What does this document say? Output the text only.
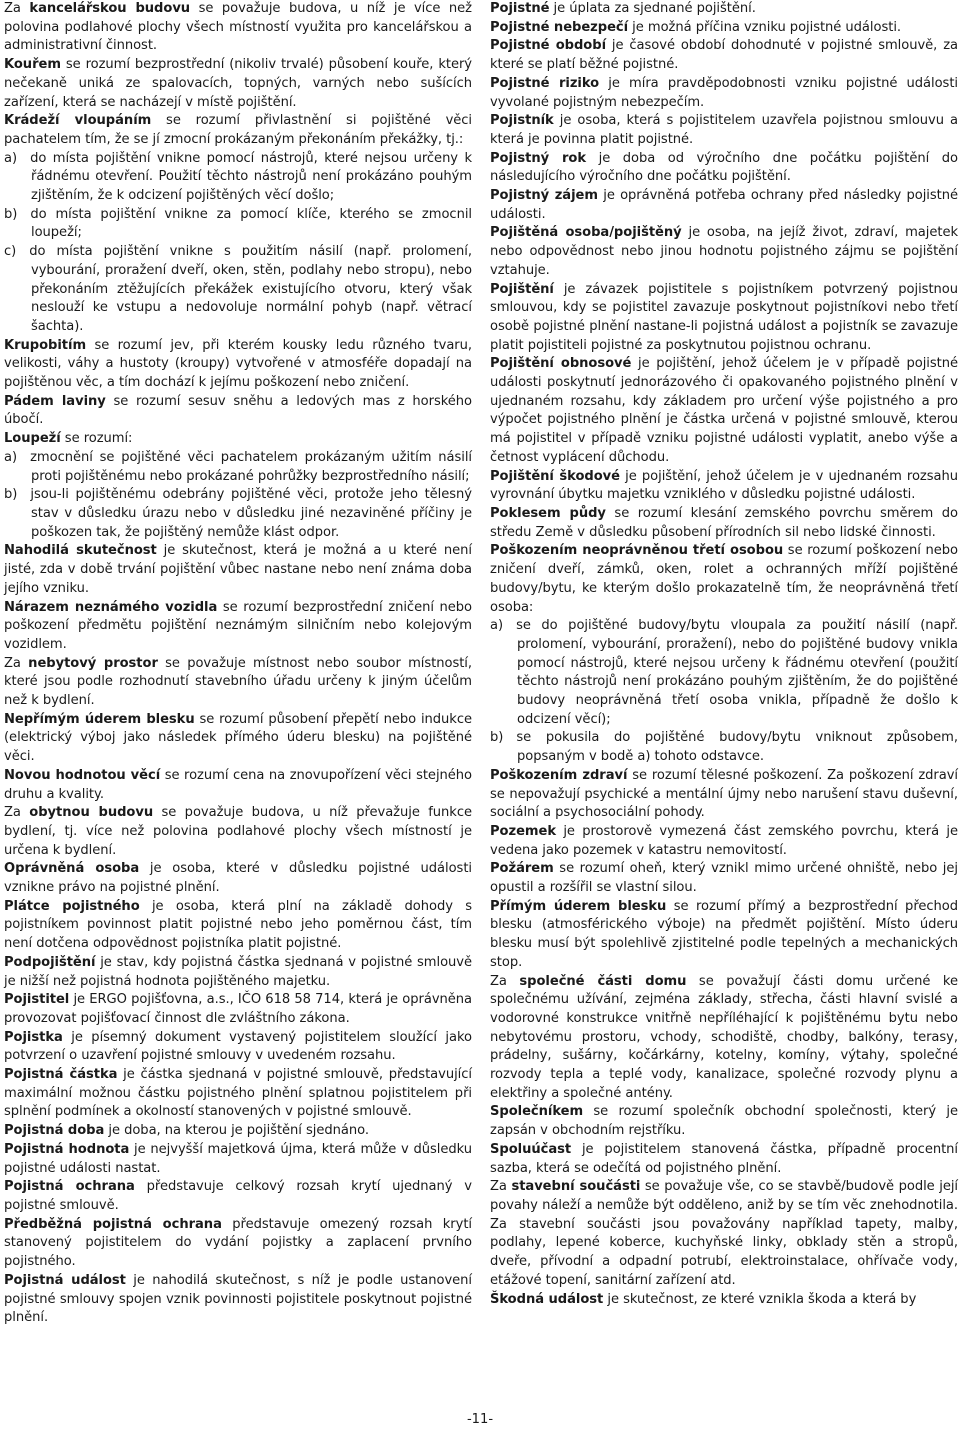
Za kancelářskou budovu se považuje budova, u níž je více než polovina podlahové plochy všech místností využita pro kancelářskou a administrativní činnost.

Kouřem se rozumí bezprostřední (nikoliv trvalé) působení kouře, který nečekaně uniká ze spalovacích, topných, varných nebo sušících zařízení, která se nacházejí v místě pojištění.

Krádeží vloupáním se rozumí přivlastnění si pojištěné věci pachatelem tím, že se jí zmocní prokázaným překonáním překážky, tj.:

a) do místa pojištění vnikne pomocí nástrojů, které nejsou určeny k řádnému otevření. Použití těchto nástrojů není prokázáno pouhým zjištěním, že k odcizení pojištěných věcí došlo;

b) do místa pojištění vnikne za pomocí klíče, kterého se zmocnil loupeží;

c) do místa pojištění vnikne s použitím násilí (např. prolomení, vybourání, proražení dveří, oken, stěn, podlahy nebo stropu), nebo překonáním ztěžujících překážek existujícího otvoru, který však neslouží ke vstupu a nedovoluje normální pohyb (např. větrací šachta).

Krupobitím se rozumí jev, při kterém kousky ledu různého tvaru, velikosti, váhy a hustoty (kroupy) vytvořené v atmosféře dopadají na pojištěnou věc, a tím dochází k jejímu poškození nebo zničení.

Pádem laviny se rozumí sesuv sněhu a ledových mas z horského úbočí.

Loupeží se rozumí:

a) zmocnění se pojištěné věci pachatelem prokázaným užitím násilí proti pojištěnému nebo prokázané pohrůžky bezprostředního násilí;

b) jsou-li pojištěnému odebrány pojištěné věci, protože jeho tělesný stav v důsledku úrazu nebo v důsledku jiné nezaviněné příčiny je poškozen tak, že pojištěný nemůže klást odpor.

Nahodilá skutečnost je skutečnost, která je možná a u které není jisté, zda v době trvání pojištění vůbec nastane nebo není známa doba jejího vzniku.

Nárazem neznámého vozidla se rozumí bezprostřední zničení nebo poškození předmětu pojištění neznámým silničním nebo kolejovým vozidlem.

Za nebytový prostor se považuje místnost nebo soubor místností, které jsou podle rozhodnutí stavebního úřadu určeny k jiným účelům než k bydlení.

Nepřímým úderem blesku se rozumí působení přepětí nebo indukce (elektrický výboj jako následek přímého úderu blesku) na pojištěné věci.

Novou hodnotou věcí se rozumí cena na znovupořízení věci stejného druhu a kvality.

Za obytnou budovu se považuje budova, u níž převažuje funkce bydlení, tj. více než polovina podlahové plochy všech místností je určena k bydlení.

Oprávněná osoba je osoba, které v důsledku pojistné události vznikne právo na pojistné plnění.

Plátce pojistného je osoba, která plní na základě dohody s pojistníkem povinnost platit pojistné nebo jeho poměrnou část, tím není dotčena odpovědnost pojistníka platit pojistné.

Podpojištění je stav, kdy pojistná částka sjednaná v pojistné smlouvě je nižší než pojistná hodnota pojištěného majetku.

Pojistitel je ERGO pojišťovna, a.s., IČO 618 58 714, která je oprávněna provozovat pojišťovací činnost dle zvláštního zákona.

Pojistka je písemný dokument vystavený pojistitelem sloužící jako potvrzení o uzavření pojistné smlouvy v uvedeném rozsahu.

Pojistná částka je částka sjednaná v pojistné smlouvě, představující maximální možnou částku pojistného plnění splatnou pojistitelem při splnění podmínek a okolností stanovených v pojistné smlouvě.

Pojistná doba je doba, na kterou je pojištění sjednáno.

Pojistná hodnota je nejvyšší majetková újma, která může v důsledku pojistné události nastat.

Pojistná ochrana představuje celkový rozsah krytí ujednaný v pojistné smlouvě.

Předběžná pojistná ochrana představuje omezený rozsah krytí stanovený pojistitelem do vydání pojistky a zaplacení prvního pojistného.

Pojistná událost je nahodilá skutečnost, s níž je podle ustanovení pojistné smlouvy spojen vznik povinnosti pojistitele poskytnout pojistné plnění.

Pojistné je úplata za sjednané pojištění.

Pojistné nebezpečí je možná příčina vzniku pojistné události.

Pojistné období je časové období dohodnuté v pojistné smlouvě, za které se platí běžné pojistné.

Pojistné riziko je míra pravděpodobnosti vzniku pojistné události vyvolané pojistným nebezpečím.

Pojistník je osoba, která s pojistitelem uzavřela pojistnou smlouvu a která je povinna platit pojistné.

Pojistný rok je doba od výročního dne počátku pojištění do následujícího výročního dne počátku pojištění.

Pojistný zájem je oprávněná potřeba ochrany před následky pojistné události.

Pojištěná osoba/pojištěný je osoba, na jejíž život, zdraví, majetek nebo odpovědnost nebo jinou hodnotu pojistného zájmu se pojištění vztahuje.

Pojištění je závazek pojistitele s pojistníkem potvrzený pojistnou smlouvou, kdy se pojistitel zavazuje poskytnout pojistníkovi nebo třetí osobě pojistné plnění nastane-li pojistná událost a pojistník se zavazuje platit pojistiteli pojistné za poskytnutou pojistnou ochranu.

Pojištění obnosové je pojištění, jehož účelem je v případě pojistné události poskytnutí jednorázového či opakovaného pojistného plnění v ujednaném rozsahu, kdy základem pro určení výše pojistného a pro výpočet pojistného plnění je částka určená v pojistné smlouvě, kterou má pojistitel v případě vzniku pojistné události vyplatit, anebo výše a četnost vyplácení důchodu.

Pojištění škodové je pojištění, jehož účelem je v ujednaném rozsahu vyrovnání úbytku majetku vzniklého v důsledku pojistné události.

Poklesem půdy se rozumí klesání zemského povrchu směrem do středu Země v důsledku působení přírodních sil nebo lidské činnosti.

Poškozením neoprávněnou třetí osobou se rozumí poškození nebo zničení dveří, zámků, oken, rolet a ochranných mříží pojištěné budovy/bytu, ke kterým došlo prokazatelně tím, že neoprávněná třetí osoba:

a) se do pojištěné budovy/bytu vloupala za použití násilí (např. prolomení, vybourání, proražení), nebo do pojištěné budovy vnikla pomocí nástrojů, které nejsou určeny k řádnému otevření (použití těchto nástrojů není prokázáno pouhým zjištěním, že do pojištěné budovy neoprávněná třetí osoba vnikla, případně že došlo k odcizení věcí);

b) se pokusila do pojištěné budovy/bytu vniknout způsobem, popsaným v bodě a) tohoto odstavce.

Poškozením zdraví se rozumí tělesné poškození. Za poškození zdraví se nepovažují psychické a mentální újmy nebo narušení stavu duševní, sociální a psychosociální pohody.

Pozemek je prostorově vymezená část zemského povrchu, která je vedena jako pozemek v katastru nemovitostí.

Požárem se rozumí oheň, který vznikl mimo určené ohniště, nebo jej opustil a rozšířil se vlastní silou.

Přímým úderem blesku se rozumí přímý a bezprostřední přechod blesku (atmosférického výboje) na předmět pojištění. Místo úderu blesku musí být spolehlivě zjistitelné podle tepelných a mechanických stop.

Za společné části domu se považují části domu určené ke společnému užívání, zejména základy, střecha, části hlavní svislé a vodorovné konstrukce vnitřně nepříléhající k pojištěnému bytu nebo nebytovému prostoru, vchody, schodiště, chodby, balkóny, terasy, prádelny, sušárny, kočárkárny, kotelny, komíny, výtahy, společné rozvody tepla a teplé vody, kanalizace, společné rozvody plynu a elektřiny a společné antény.

Společníkem se rozumí společník obchodní společnosti, který je zapsán v obchodním rejstříku.

Spoluúčast je pojistitelem stanovená částka, případně procentní sazba, která se odečítá od pojistného plnění.

Za stavební součásti se považuje vše, co se stavbě/budově podle její povahy náleží a nemůže být odděleno, aniž by se tím věc znehodnotila. Za stavební součásti jsou považovány například tapety, malby, podlahy, lepené koberce, kuchyňské linky, obklady stěn a stropů, dveře, přívodní a odpadní potrubí, elektroinstalace, ohřívače vody, etážové topení, sanitární zařízení atd.

Škodná událost je skutečnost, ze které vznikla škoda a která by

-11-
